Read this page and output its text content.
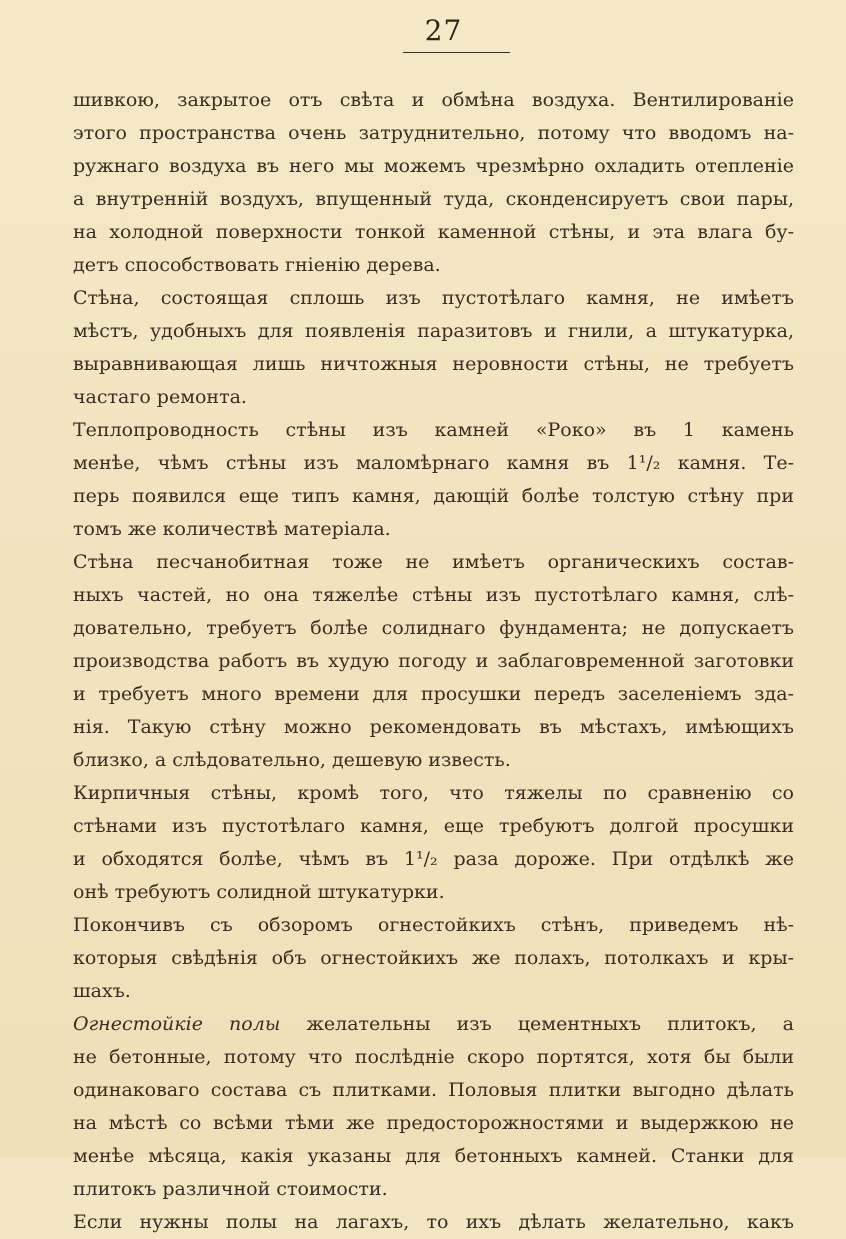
27
шивкою, закрытое отъ свѣта и обмѣна воздуха. Вентилированіе
этого пространства очень затруднительно, потому что вводомъ на-
ружнаго воздуха въ него мы можемъ чрезмѣрно охладить отепленіе
а внутренній воздухъ, впущенный туда, сконденсируетъ свои пары,
на холодной поверхности тонкой каменной стѣны, и эта влага бу-
детъ способствовать гніенію дерева.
Стѣна, состоящая сплошь изъ пустотѣлаго камня, не имѣетъ
мѣстъ, удобныхъ для появленія паразитовъ и гнили, а штукатурка,
выравнивающая лишь ничтожныя неровности стѣны, не требуетъ
частаго ремонта.
Теплопроводность стѣны изъ камней «Роко» въ 1 камень
менѣе, чѣмъ стѣны изъ маломѣрнаго камня въ 1¹/₂ камня. Те-
перь появился еще типъ камня, дающій болѣе толстую стѣну при
томъ же количествѣ матеріала.
Стѣна песчанобитная тоже не имѣетъ органическихъ состав-
ныхъ частей, но она тяжелѣе стѣны изъ пустотѣлаго камня, слѣ-
довательно, требуетъ болѣе солиднаго фундамента; не допускаетъ
производства работъ въ худую погоду и заблаговременной заготовки
и требуетъ много времени для просушки передъ заселеніемъ зда-
нія. Такую стѣну можно рекомендовать въ мѣстахъ, имѣющихъ
близко, а слѣдовательно, дешевую известь.
Кирпичныя стѣны, кромѣ того, что тяжелы по сравненію со
стѣнами изъ пустотѣлаго камня, еще требуютъ долгой просушки
и обходятся болѣе, чѣмъ въ 1¹/₂ раза дороже. При отдѣлкѣ же
онѣ требуютъ солидной штукатурки.
Покончивъ съ обзоромъ огнестойкихъ стѣнъ, приведемъ нѣ-
которыя свѣдѣнія объ огнестойкихъ же полахъ, потолкахъ и кры-
шахъ.
Огнестойкіе полы желательны изъ цементныхъ плитокъ, а
не бетонные, потому что послѣдніе скоро портятся, хотя бы были
одинаковаго состава съ плитками. Половыя плитки выгодно дѣлать
на мѣстѣ со всѣми тѣми же предосторожностями и выдержкою не
менѣе мѣсяца, какія указаны для бетонныхъ камней. Станки для
плитокъ различной стоимости.
Если нужны полы на лагахъ, то ихъ дѣлать желательно, какъ
